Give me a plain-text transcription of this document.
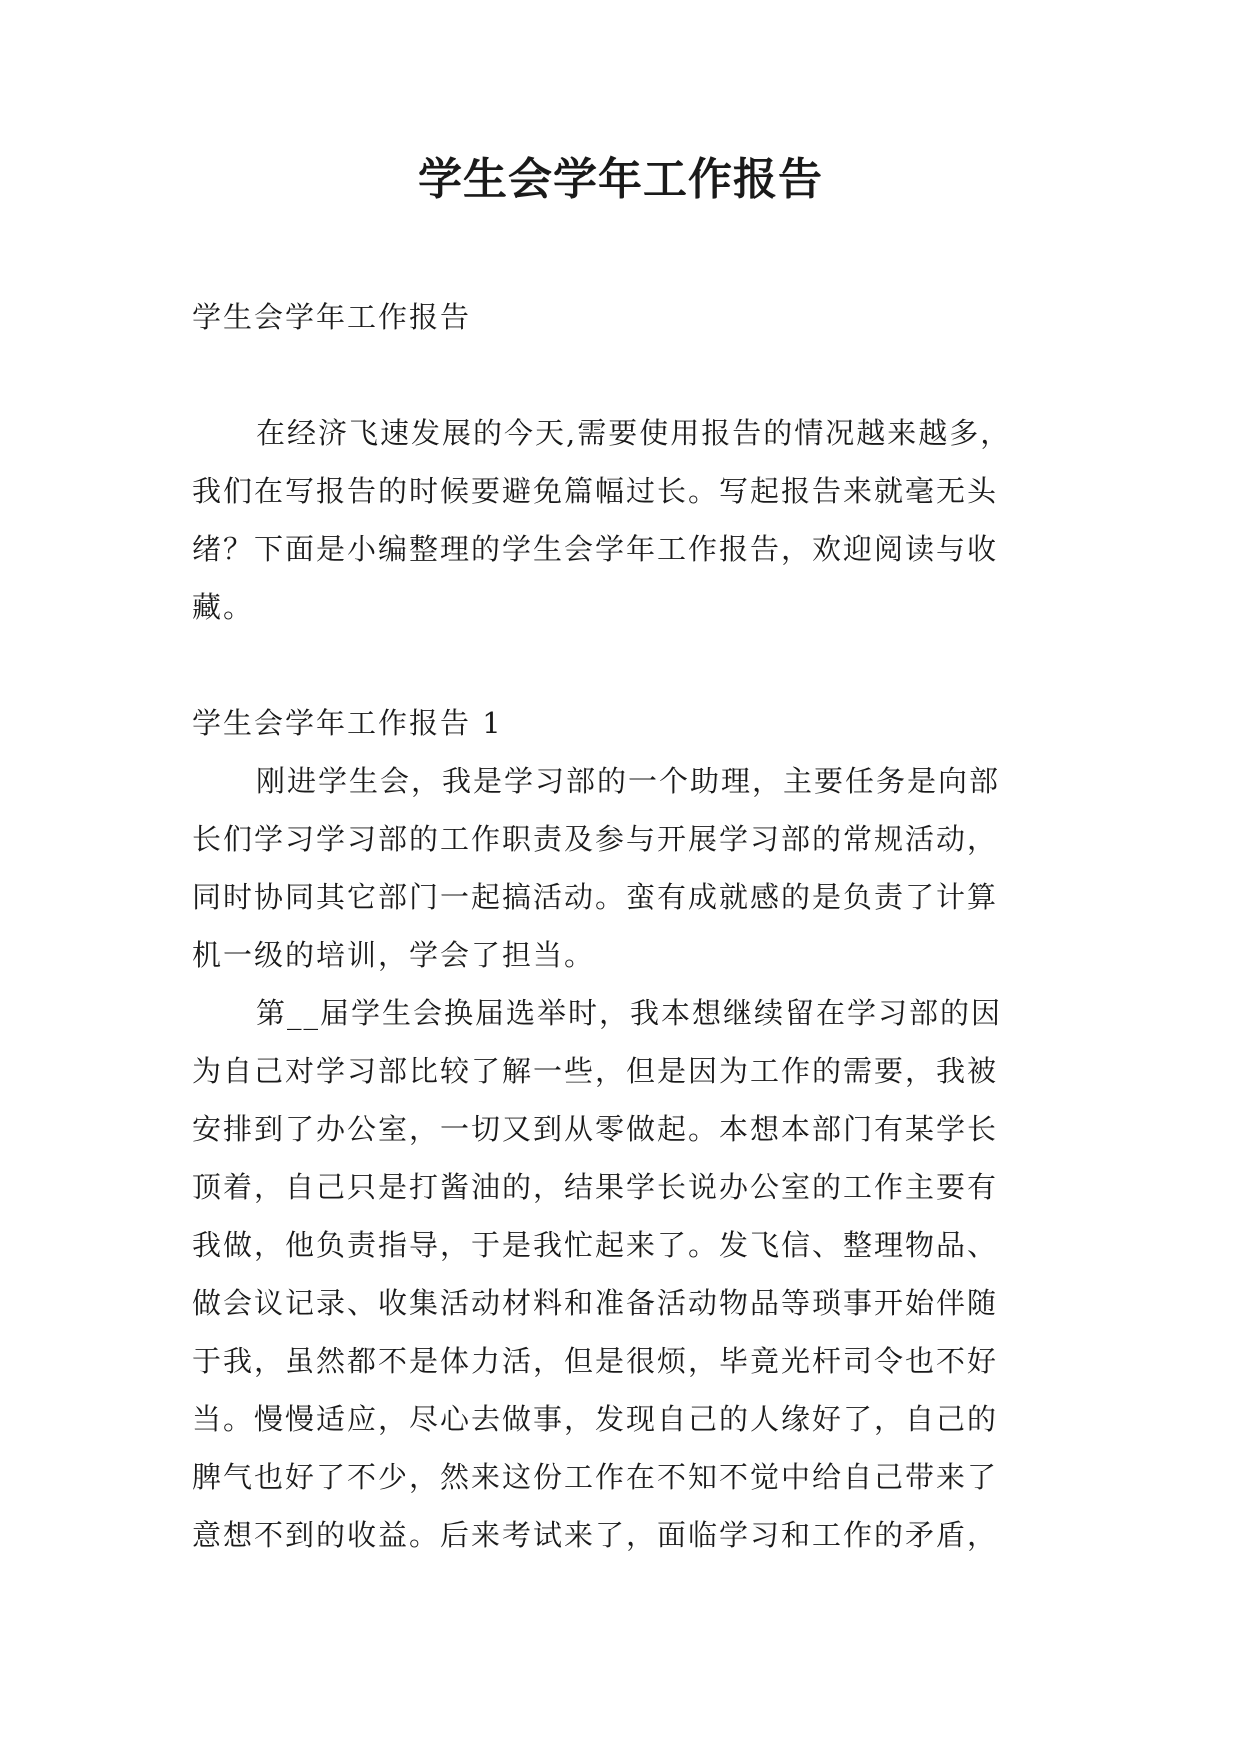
学生会学年工作报告
学生会学年工作报告

在经济飞速发展的今天,需要使用报告的情况越来越多，
我们在写报告的时候要避免篇幅过长。写起报告来就毫无头
绪？下面是小编整理的学生会学年工作报告，欢迎阅读与收
藏。

学生会学年工作报告 1

刚进学生会，我是学习部的一个助理，主要任务是向部
长们学习学习部的工作职责及参与开展学习部的常规活动，
同时协同其它部门一起搞活动。蛮有成就感的是负责了计算
机一级的培训，学会了担当。

第__届学生会换届选举时，我本想继续留在学习部的因
为自己对学习部比较了解一些，但是因为工作的需要，我被
安排到了办公室，一切又到从零做起。本想本部门有某学长
顶着，自己只是打酱油的，结果学长说办公室的工作主要有
我做，他负责指导，于是我忙起来了。发飞信、整理物品、
做会议记录、收集活动材料和准备活动物品等琐事开始伴随
于我，虽然都不是体力活，但是很烦，毕竟光杆司令也不好
当。慢慢适应，尽心去做事，发现自己的人缘好了，自己的
脾气也好了不少，然来这份工作在不知不觉中给自己带来了
意想不到的收益。后来考试来了，面临学习和工作的矛盾，
